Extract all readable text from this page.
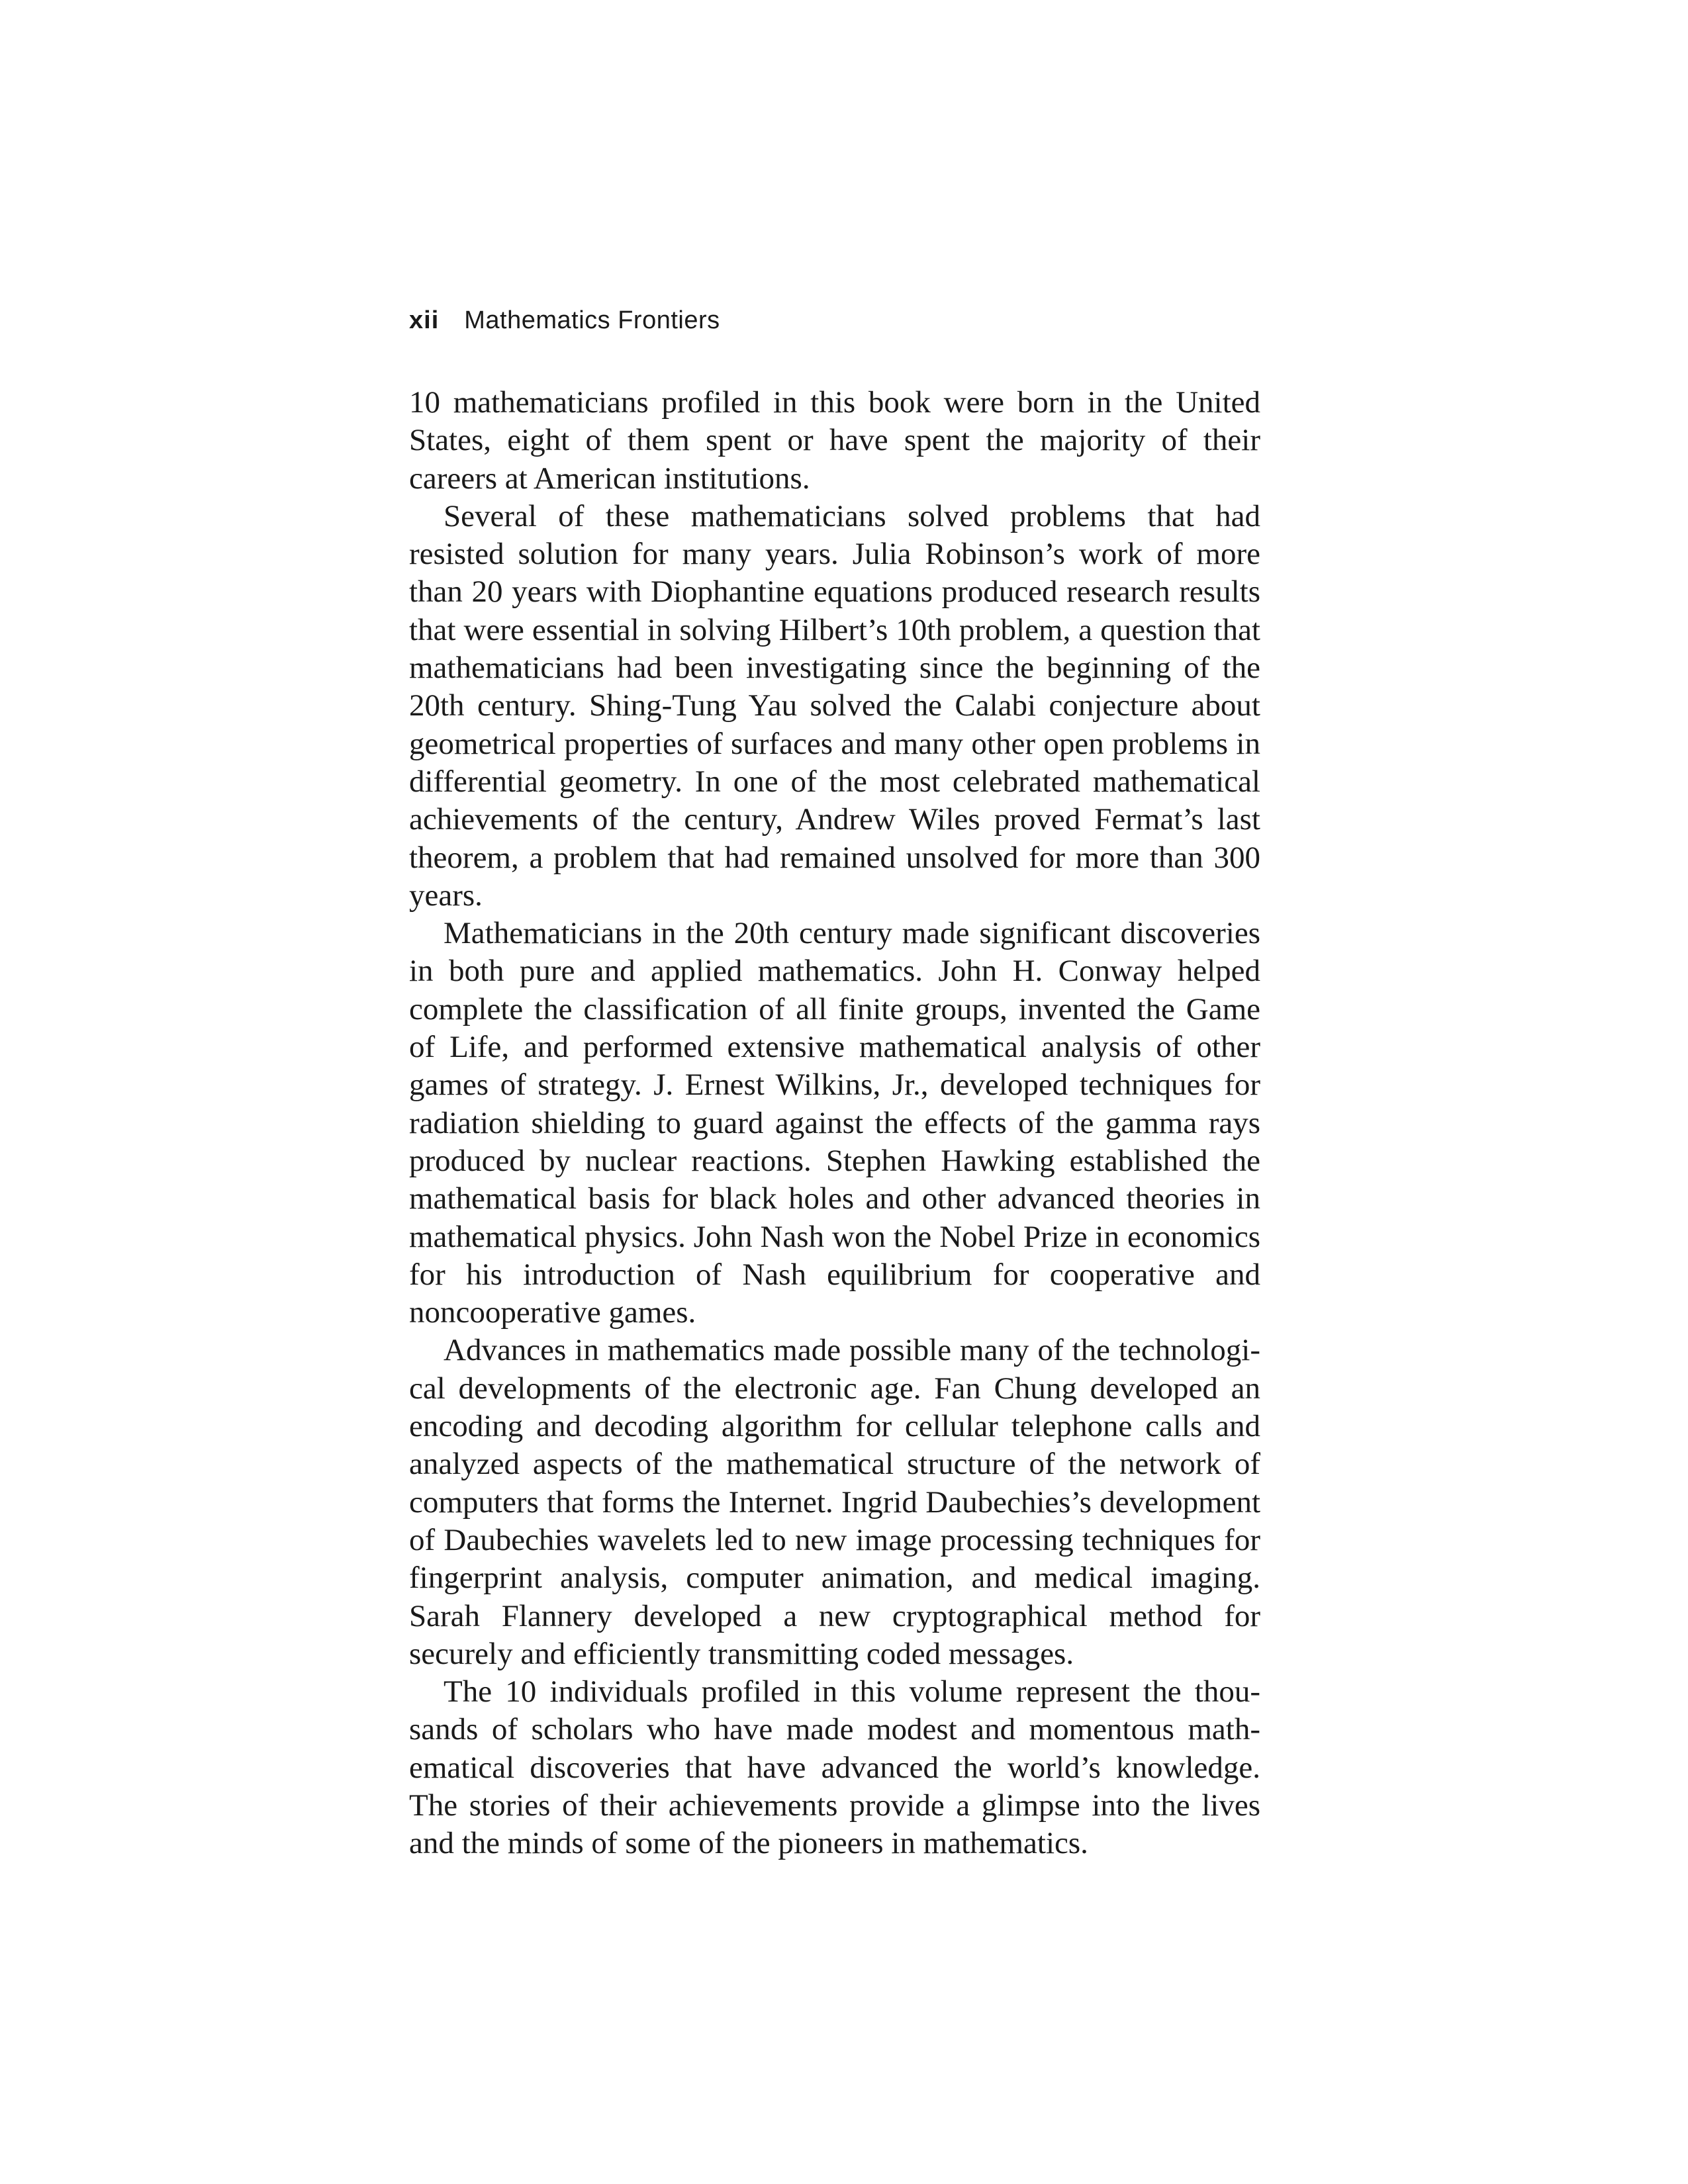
xii Mathematics Frontiers

10 mathematicians profiled in this book were born in the United States, eight of them spent or have spent the majority of their careers at American institutions.

Several of these mathematicians solved problems that had resisted solution for many years. Julia Robinson’s work of more than 20 years with Diophantine equations produced research results that were essential in solving Hilbert’s 10th problem, a question that mathematicians had been investigating since the beginning of the 20th century. Shing-Tung Yau solved the Calabi conjecture about geometrical properties of surfaces and many other open problems in differential geometry. In one of the most celebrated mathematical achievements of the century, Andrew Wiles proved Fermat’s last theorem, a problem that had remained unsolved for more than 300 years.

Mathematicians in the 20th century made significant discoveries in both pure and applied mathematics. John H. Conway helped complete the classification of all finite groups, invented the Game of Life, and performed extensive mathematical analysis of other games of strategy. J. Ernest Wilkins, Jr., developed techniques for radiation shielding to guard against the effects of the gamma rays produced by nuclear reactions. Stephen Hawking established the mathematical basis for black holes and other advanced theories in mathematical physics. John Nash won the Nobel Prize in economics for his introduction of Nash equilibrium for cooperative and noncooperative games.

Advances in mathematics made possible many of the technological developments of the electronic age. Fan Chung developed an encoding and decoding algorithm for cellular telephone calls and analyzed aspects of the mathematical structure of the network of computers that forms the Internet. Ingrid Daubechies’s development of Daubechies wavelets led to new image processing techniques for fingerprint analysis, computer animation, and medical imaging. Sarah Flannery developed a new cryptographical method for securely and efficiently transmitting coded messages.

The 10 individuals profiled in this volume represent the thousands of scholars who have made modest and momentous mathematical discoveries that have advanced the world’s knowledge. The stories of their achievements provide a glimpse into the lives and the minds of some of the pioneers in mathematics.
